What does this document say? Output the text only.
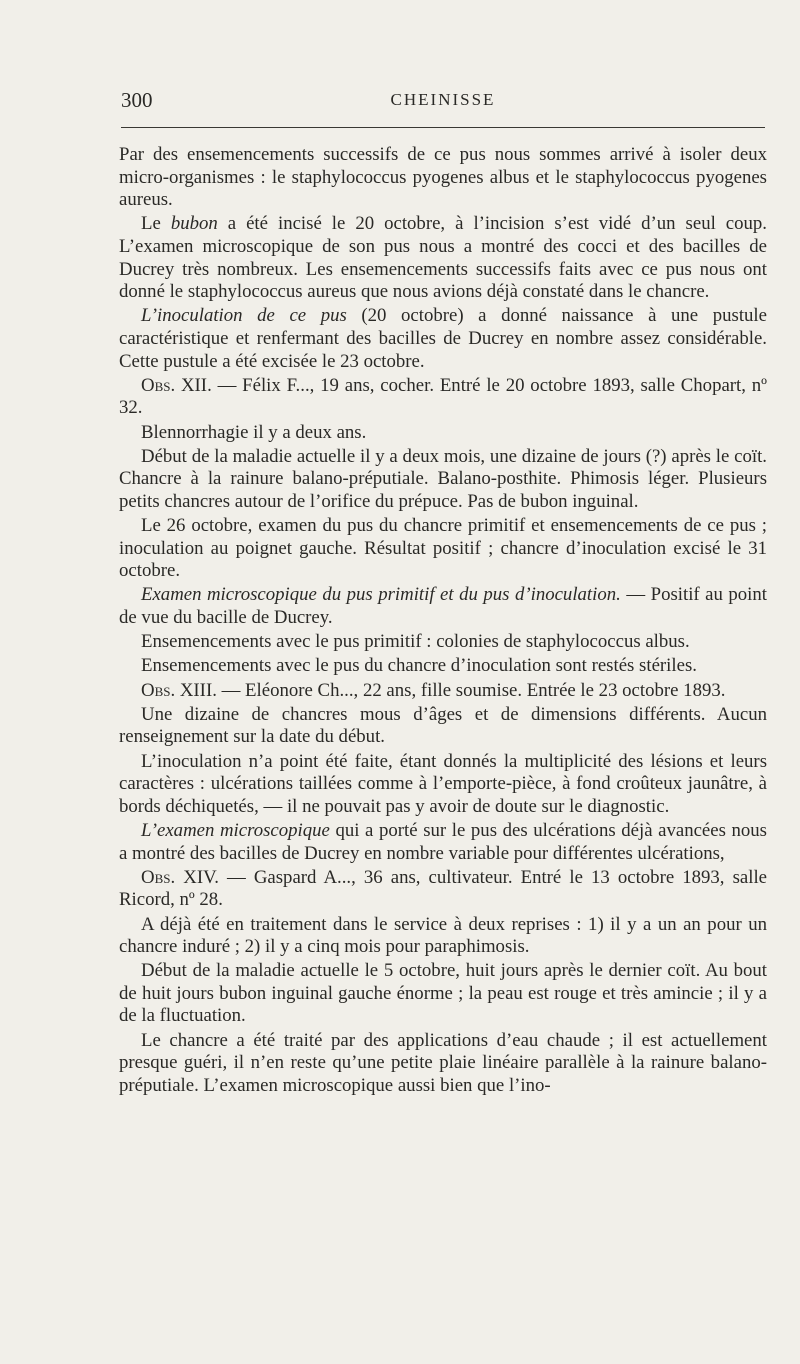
300	CHEINISSE

Par des ensemencements successifs de ce pus nous sommes arrivé à isoler deux micro-organismes : le staphylococcus pyogenes albus et le staphylococcus pyogenes aureus.

Le bubon a été incisé le 20 octobre, à l’incision s’est vidé d’un seul coup. L’examen microscopique de son pus nous a montré des cocci et des bacilles de Ducrey très nombreux. Les ensemencements successifs faits avec ce pus nous ont donné le staphylococcus aureus que nous avions déjà constaté dans le chancre.

L’inoculation de ce pus (20 octobre) a donné naissance à une pustule caractéristique et renfermant des bacilles de Ducrey en nombre assez considérable. Cette pustule a été excisée le 23 octobre.

Obs. XII. — Félix F..., 19 ans, cocher. Entré le 20 octobre 1893, salle Chopart, nº 32.

Blennorrhagie il y a deux ans.

Début de la maladie actuelle il y a deux mois, une dizaine de jours (?) après le coït. Chancre à la rainure balano-préputiale. Balano-posthite. Phimosis léger. Plusieurs petits chancres autour de l’orifice du prépuce. Pas de bubon inguinal.

Le 26 octobre, examen du pus du chancre primitif et ensemencements de ce pus ; inoculation au poignet gauche. Résultat positif ; chancre d’inoculation excisé le 31 octobre.

Examen microscopique du pus primitif et du pus d’inoculation. — Positif au point de vue du bacille de Ducrey.

Ensemencements avec le pus primitif : colonies de staphylococcus albus.

Ensemencements avec le pus du chancre d’inoculation sont restés stériles.

Obs. XIII. — Eléonore Ch..., 22 ans, fille soumise. Entrée le 23 octobre 1893.

Une dizaine de chancres mous d’âges et de dimensions différents. Aucun renseignement sur la date du début.

L’inoculation n’a point été faite, étant donnés la multiplicité des lésions et leurs caractères : ulcérations taillées comme à l’emporte-pièce, à fond croûteux jaunâtre, à bords déchiquetés, — il ne pouvait pas y avoir de doute sur le diagnostic.

L’examen microscopique qui a porté sur le pus des ulcérations déjà avancées nous a montré des bacilles de Ducrey en nombre variable pour différentes ulcérations,

Obs. XIV. — Gaspard A..., 36 ans, cultivateur. Entré le 13 octobre 1893, salle Ricord, nº 28.

A déjà été en traitement dans le service à deux reprises : 1) il y a un an pour un chancre induré ; 2) il y a cinq mois pour paraphimosis.

Début de la maladie actuelle le 5 octobre, huit jours après le dernier coït. Au bout de huit jours bubon inguinal gauche énorme ; la peau est rouge et très amincie ; il y a de la fluctuation.

Le chancre a été traité par des applications d’eau chaude ; il est actuellement presque guéri, il n’en reste qu’une petite plaie linéaire parallèle à la rainure balano-préputiale. L’examen microscopique aussi bien que l’ino-
